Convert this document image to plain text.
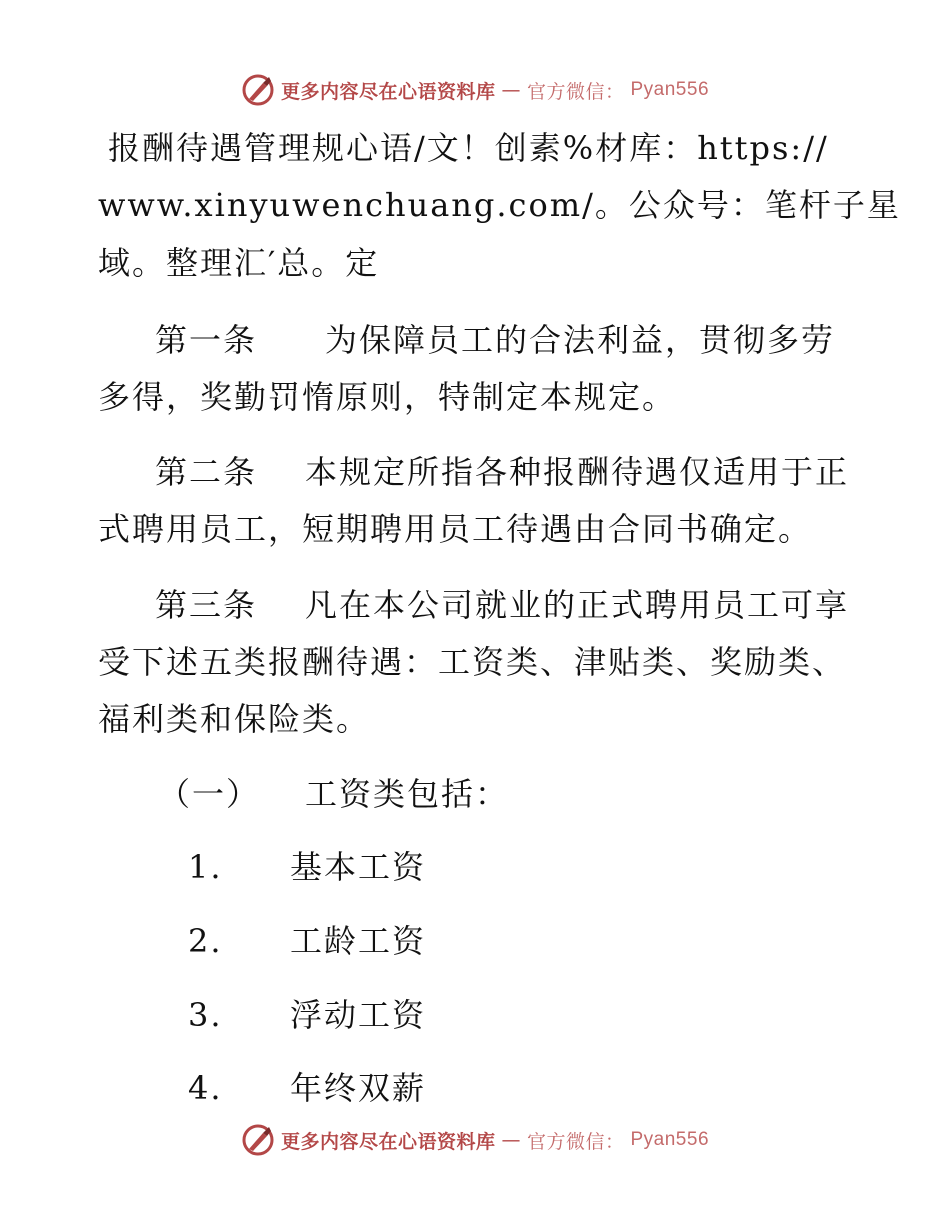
更多内容尽在心语资料库 — 官方微信： Pyan556
报酬待遇管理规心语/文！创素%材库：https://
www.xinyuwenchuang.com/。公众号：笔杆子星
域。整理汇′总。定
第一条 为保障员工的合法利益，贯彻多劳
多得，奖勤罚惰原则，特制定本规定。
第二条 本规定所指各种报酬待遇仅适用于正
式聘用员工，短期聘用员工待遇由合同书确定。
第三条 凡在本公司就业的正式聘用员工可享
受下述五类报酬待遇：工资类、津贴类、奖励类、
福利类和保险类。
（一） 工资类包括：
1. 基本工资
2. 工龄工资
3. 浮动工资
4. 年终双薪
更多内容尽在心语资料库 — 官方微信： Pyan556
